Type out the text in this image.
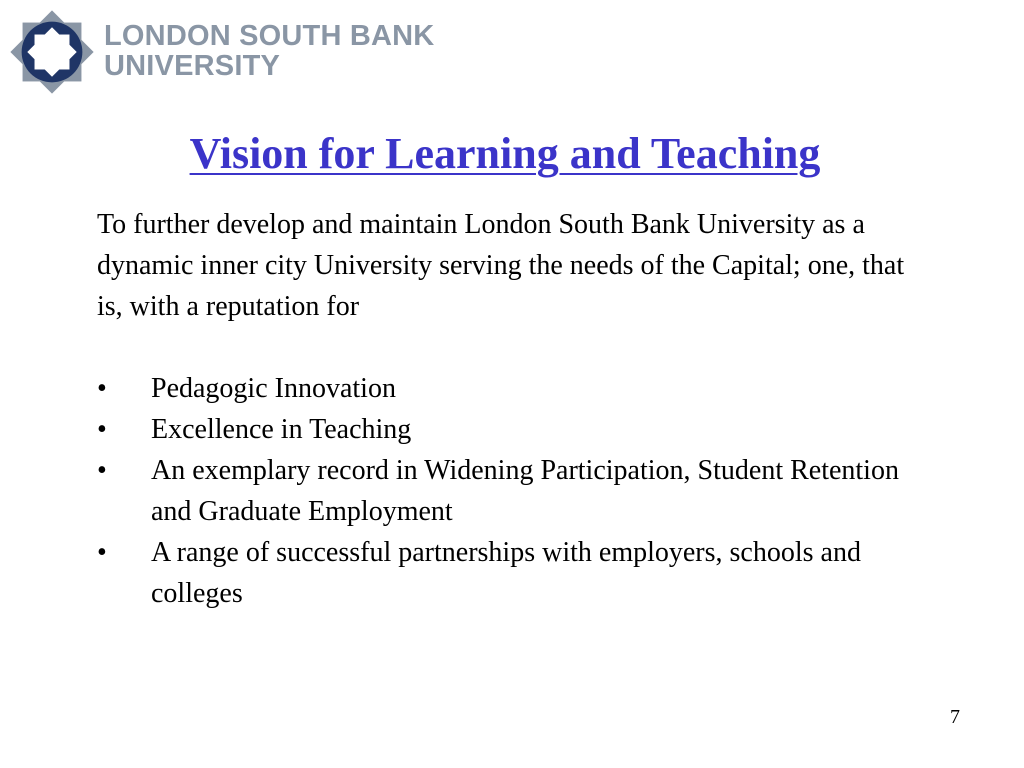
LONDON SOUTH BANK
UNIVERSITY
Vision for Learning and Teaching

To further develop and maintain London South Bank University as a dynamic inner city University serving the needs of the Capital; one, that is, with a reputation for

• Pedagogic Innovation
• Excellence in Teaching
• An exemplary record in Widening Participation, Student Retention and Graduate Employment
• A range of successful partnerships with employers, schools and colleges
7
